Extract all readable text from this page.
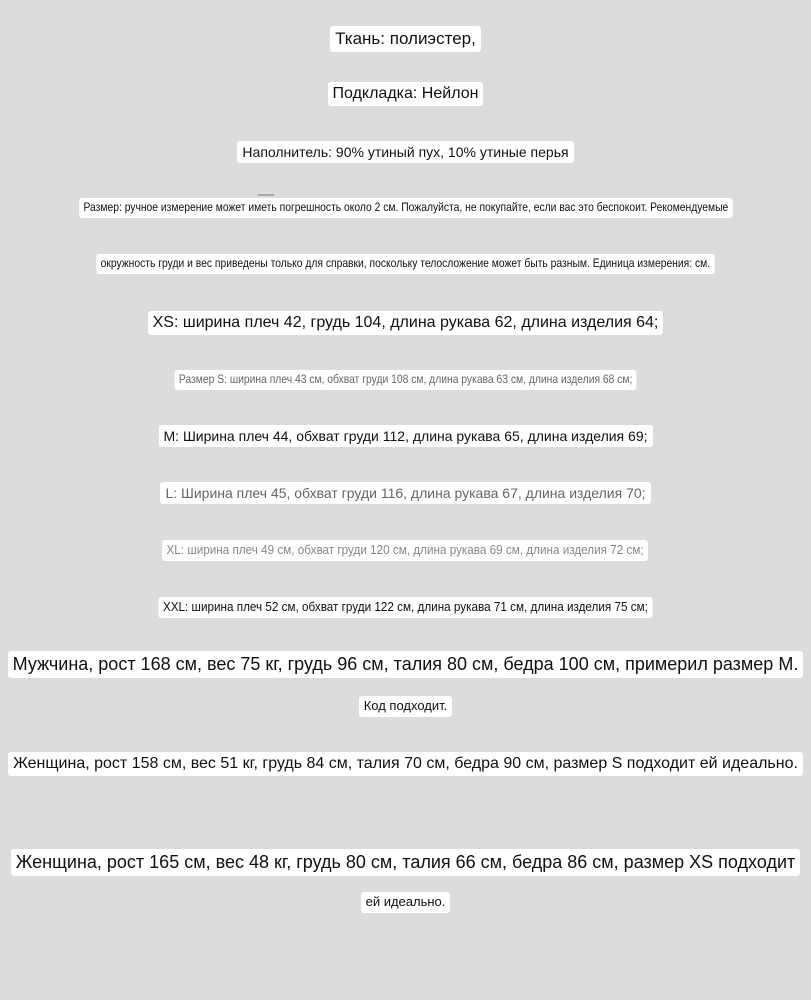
Ткань: полиэстер,
Подкладка: Нейлон
Наполнитель: 90% утиный пух, 10% утиные перья
Размер: ручное измерение может иметь погрешность около 2 см. Пожалуйста, не покупайте, если вас это беспокоит. Рекомендуемые
окружность груди и вес приведены только для справки, поскольку телосложение может быть разным. Единица измерения: см.
XS: ширина плеч 42, грудь 104, длина рукава 62, длина изделия 64;
Размер S: ширина плеч 43 см, обхват груди 108 см, длина рукава 63 см, длина изделия 68 см;
M: Ширина плеч 44, обхват груди 112, длина рукава 65, длина изделия 69;
L: Ширина плеч 45, обхват груди 116, длина рукава 67, длина изделия 70;
XL: ширина плеч 49 см, обхват груди 120 см, длина рукава 69 см, длина изделия 72 см;
XXL: ширина плеч 52 см, обхват груди 122 см, длина рукава 71 см, длина изделия 75 см;
Мужчина, рост 168 см, вес 75 кг, грудь 96 см, талия 80 см, бедра 100 см, примерил размер M.
Код подходит.
Женщина, рост 158 см, вес 51 кг, грудь 84 см, талия 70 см, бедра 90 см, размер S подходит ей идеально.
Женщина, рост 165 см, вес 48 кг, грудь 80 см, талия 66 см, бедра 86 см, размер XS подходит
ей идеально.
